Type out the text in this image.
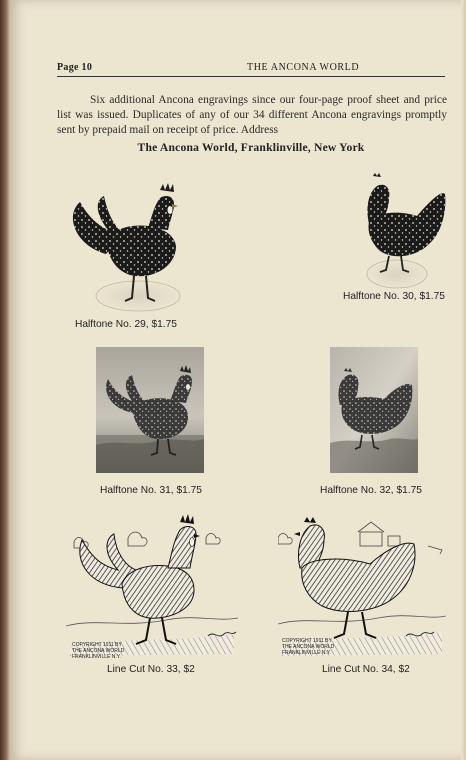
Page 10	THE ANCONA WORLD
Six additional Ancona engravings since our four-page proof sheet and price list was issued. Duplicates of any of our 34 different Ancona engravings promptly sent by prepaid mail on receipt of price. Address
The Ancona World, Franklinville, New York
Halftone No. 29, $1.75
Halftone No. 30, $1.75
Halftone No. 31, $1.75	Halftone No. 32, $1.75
COPYRIGHT 1911 BY
THE ANCONA WORLD
FRANKLINVILLE N.Y.
Line Cut No. 33, $2
COPYRIGHT 1911 BY
THE ANCONA WORLD
FRANKLINVILLE N.Y.
Line Cut No. 34, $2
